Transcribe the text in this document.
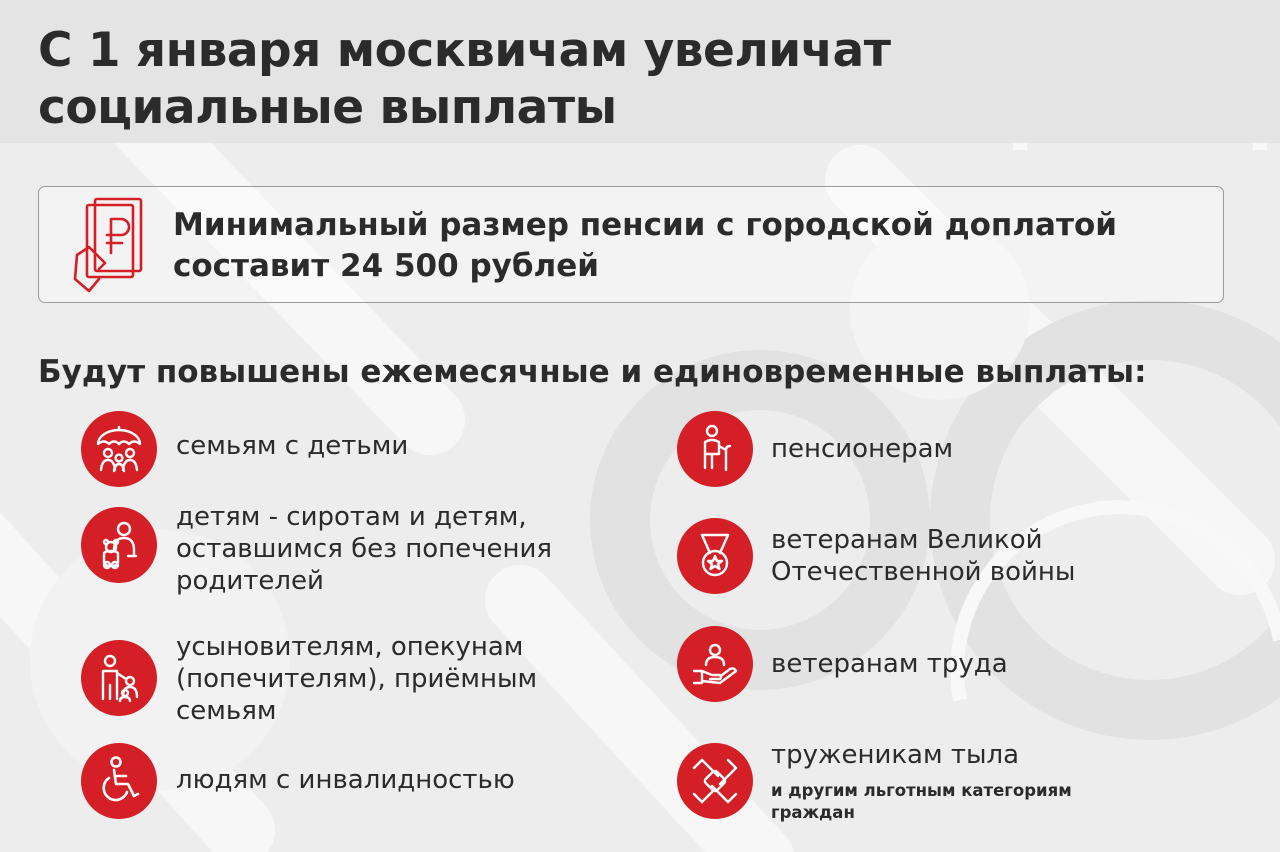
С 1 января москвичам увеличат
социальные выплаты

Минимальный размер пенсии с городской доплатой
составит 24 500 рублей

Будут повышены ежемесячные и единовременные выплаты:
семьям с детьми
детям - сиротам и детям,
оставшимся без попечения
родителей
усыновителям, опекунам
(попечителям), приёмным
семьям
людям с инвалидностью
пенсионерам
ветеранам Великой
Отечественной войны
ветеранам труда
труженикам тыла
и другим льготным категориям
граждан
